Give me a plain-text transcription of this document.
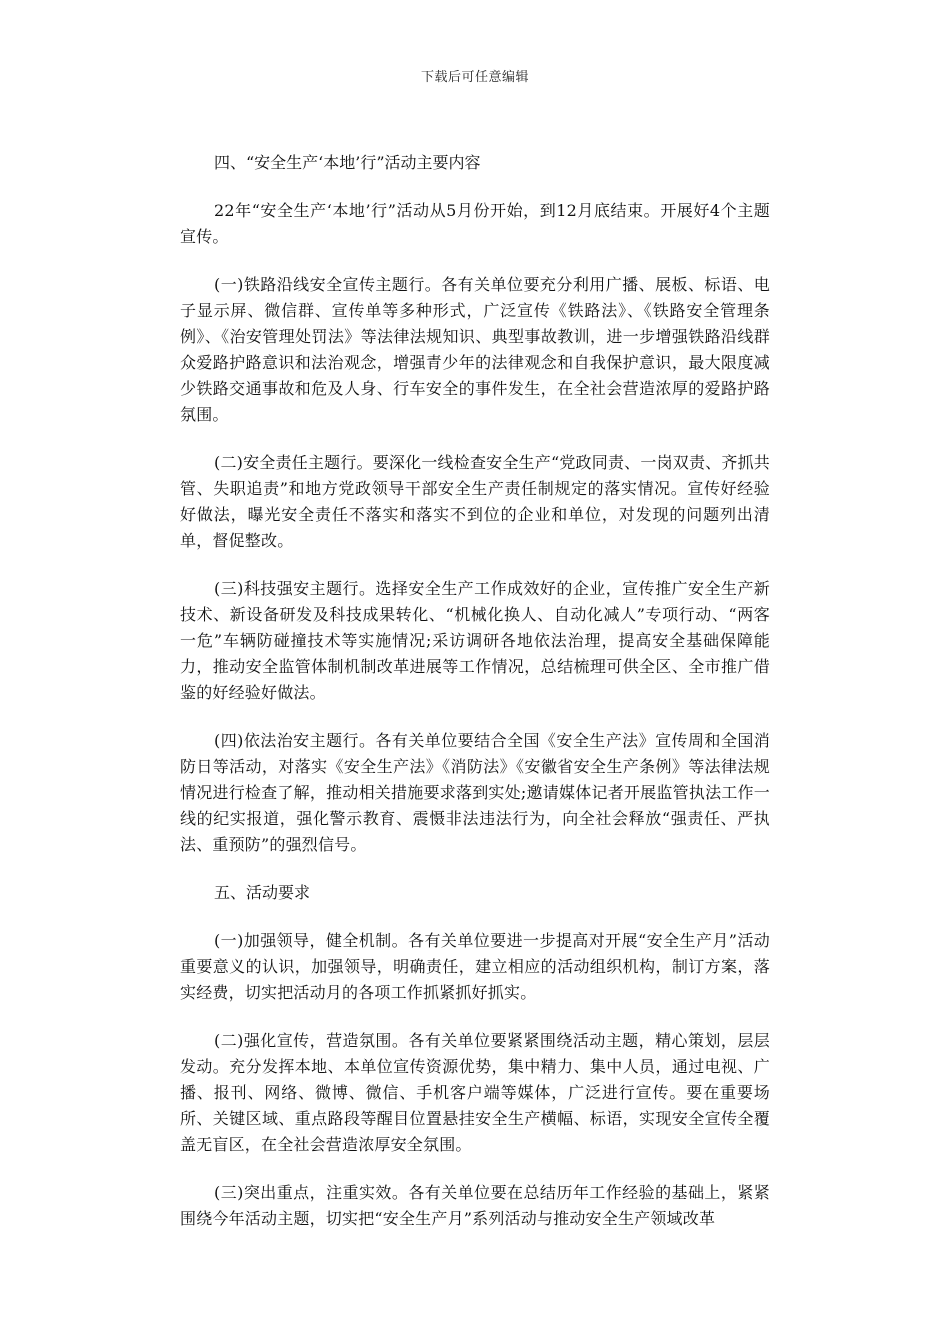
下载后可任意编辑

四、“安全生产‘本地’行”活动主要内容

22年“安全生产‘本地’行”活动从5月份开始，到12月底结束。开展好4个主题宣传。

(一)铁路沿线安全宣传主题行。各有关单位要充分利用广播、展板、标语、电子显示屏、微信群、宣传单等多种形式，广泛宣传《铁路法》、《铁路安全管理条例》、《治安管理处罚法》等法律法规知识、典型事故教训，进一步增强铁路沿线群众爱路护路意识和法治观念，增强青少年的法律观念和自我保护意识，最大限度减少铁路交通事故和危及人身、行车安全的事件发生，在全社会营造浓厚的爱路护路氛围。

(二)安全责任主题行。要深化一线检查安全生产“党政同责、一岗双责、齐抓共管、失职追责”和地方党政领导干部安全生产责任制规定的落实情况。宣传好经验好做法，曝光安全责任不落实和落实不到位的企业和单位，对发现的问题列出清单，督促整改。

(三)科技强安主题行。选择安全生产工作成效好的企业，宣传推广安全生产新技术、新设备研发及科技成果转化、“机械化换人、自动化减人”专项行动、“两客一危”车辆防碰撞技术等实施情况;采访调研各地依法治理，提高安全基础保障能力，推动安全监管体制机制改革进展等工作情况，总结梳理可供全区、全市推广借鉴的好经验好做法。

(四)依法治安主题行。各有关单位要结合全国《安全生产法》宣传周和全国消防日等活动，对落实《安全生产法》《消防法》《安徽省安全生产条例》等法律法规情况进行检查了解，推动相关措施要求落到实处;邀请媒体记者开展监管执法工作一线的纪实报道，强化警示教育、震慑非法违法行为，向全社会释放“强责任、严执法、重预防”的强烈信号。

五、活动要求

(一)加强领导，健全机制。各有关单位要进一步提高对开展“安全生产月”活动重要意义的认识，加强领导，明确责任，建立相应的活动组织机构，制订方案，落实经费，切实把活动月的各项工作抓紧抓好抓实。

(二)强化宣传，营造氛围。各有关单位要紧紧围绕活动主题，精心策划，层层发动。充分发挥本地、本单位宣传资源优势，集中精力、集中人员，通过电视、广播、报刊、网络、微博、微信、手机客户端等媒体，广泛进行宣传。要在重要场所、关键区域、重点路段等醒目位置悬挂安全生产横幅、标语，实现安全宣传全覆盖无盲区，在全社会营造浓厚安全氛围。

(三)突出重点，注重实效。各有关单位要在总结历年工作经验的基础上，紧紧围绕今年活动主题，切实把“安全生产月”系列活动与推动安全生产领域改革
